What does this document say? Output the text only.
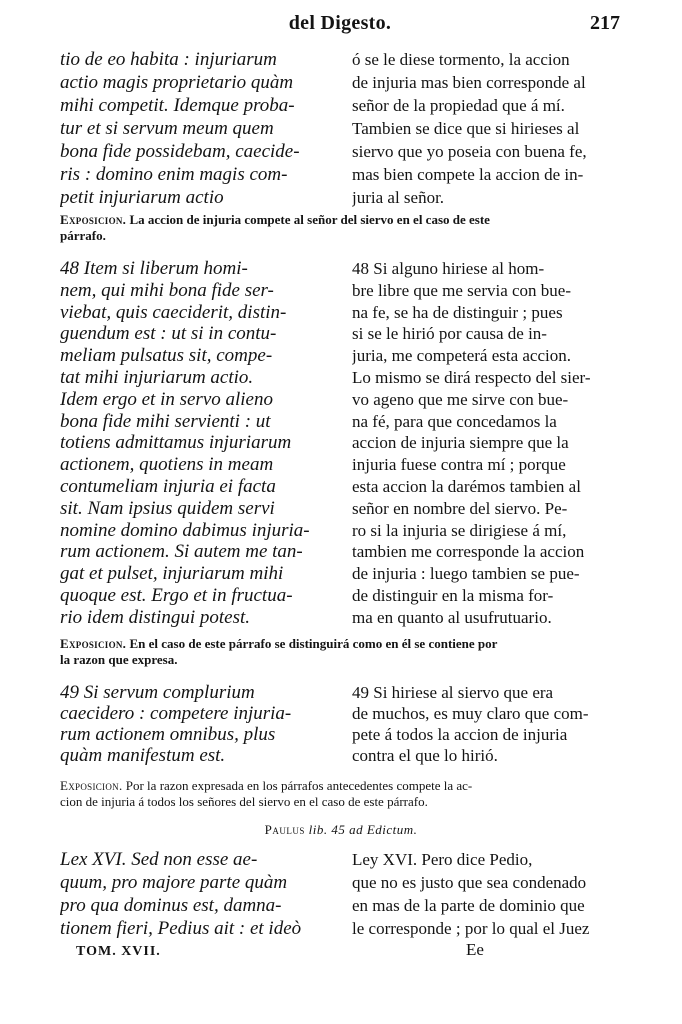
del Digesto.	217
tio de eo habita : injuriarum
actio magis proprietario quàm
mihi competit. Idemque proba-
tur et si servum meum quem
bona fide possidebam, caecide-
ris : domino enim magis com-
petit injuriarum actio
ó se le diese tormento, la accion
de injuria mas bien corresponde al
señor de la propiedad que á mí.
Tambien se dice que si hirieses al
siervo que yo poseia con buena fe,
mas bien compete la accion de in-
juria al señor.
Exposicion. La accion de injuria compete al señor del siervo en el caso de este
párrafo.
48 Item si liberum homi-
nem, qui mihi bona fide ser-
viebat, quis caeciderit, distin-
guendum est : ut si in contu-
meliam pulsatus sit, compe-
tat mihi injuriarum actio.
Idem ergo et in servo alieno
bona fide mihi servienti : ut
totiens admittamus injuriarum
actionem, quotiens in meam
contumeliam injuria ei facta
sit. Nam ipsius quidem servi
nomine domino dabimus injuria-
rum actionem. Si autem me tan-
gat et pulset, injuriarum mihi
quoque est. Ergo et in fructua-
rio idem distingui potest.
48 Si alguno hiriese al hom-
bre libre que me servia con bue-
na fe, se ha de distinguir ; pues
si se le hirió por causa de in-
juria, me competerá esta accion.
Lo mismo se dirá respecto del sier-
vo ageno que me sirve con bue-
na fé, para que concedamos la
accion de injuria siempre que la
injuria fuese contra mí ; porque
esta accion la darémos tambien al
señor en nombre del siervo. Pe-
ro si la injuria se dirigiese á mí,
tambien me corresponde la accion
de injuria : luego tambien se pue-
de distinguir en la misma for-
ma en quanto al usufrutuario.
Exposicion. En el caso de este párrafo se distinguirá como en él se contiene por
la razon que expresa.
49 Si servum complurium
caecidero : competere injuria-
rum actionem omnibus, plus
quàm manifestum est.
49 Si hiriese al siervo que era
de muchos, es muy claro que com-
pete á todos la accion de injuria
contra el que lo hirió.
Exposicion. Por la razon expresada en los párrafos antecedentes compete la ac-
cion de injuria á todos los señores del siervo en el caso de este párrafo.
Paulus lib. 45 ad Edictum.
Lex XVI. Sed non esse ae-
quum, pro majore parte quàm
pro qua dominus est, damna-
tionem fieri, Pedius ait : et ideò
Ley XVI. Pero dice Pedio,
que no es justo que sea condenado
en mas de la parte de dominio que
le corresponde ; por lo qual el Juez
TOM. XVII.	Ee
